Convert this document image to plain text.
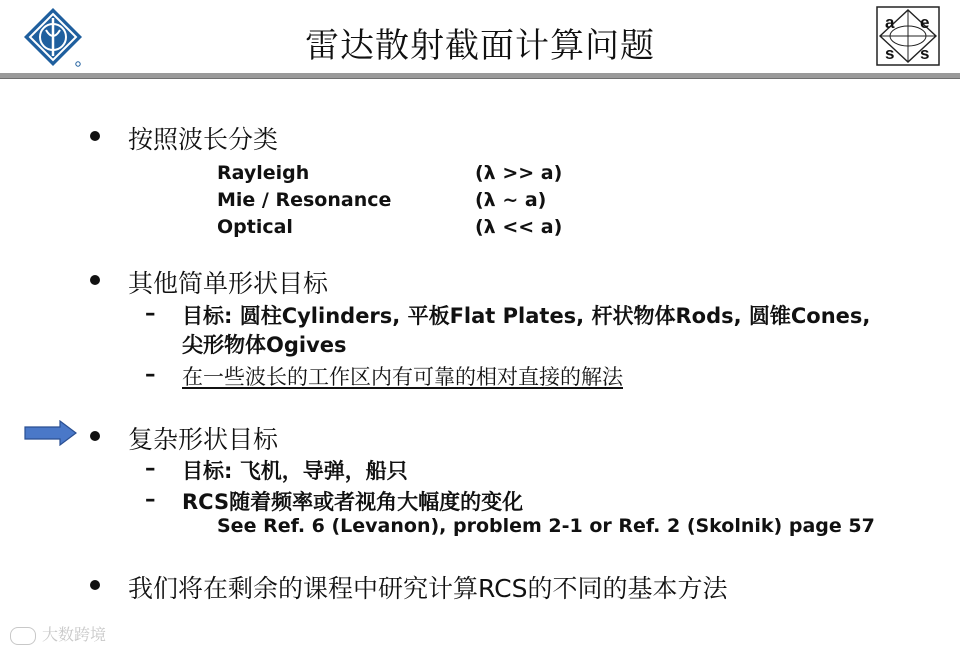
雷达散射截面计算问题
a e
s s
按照波长分类
Rayleigh	(λ >> a)
Mie / Resonance	(λ ~ a)
Optical	(λ << a)
其他简单形状目标
– 目标: 圆柱Cylinders, 平板Flat Plates, 杆状物体Rods, 圆锥Cones,
尖形物体Ogives
– 在一些波长的工作区内有可靠的相对直接的解法
复杂形状目标
– 目标: 飞机，导弹，船只
– RCS随着频率或者视角大幅度的变化
See Ref. 6 (Levanon), problem 2-1 or Ref. 2 (Skolnik) page 57
我们将在剩余的课程中研究计算RCS的不同的基本方法
大数跨境
